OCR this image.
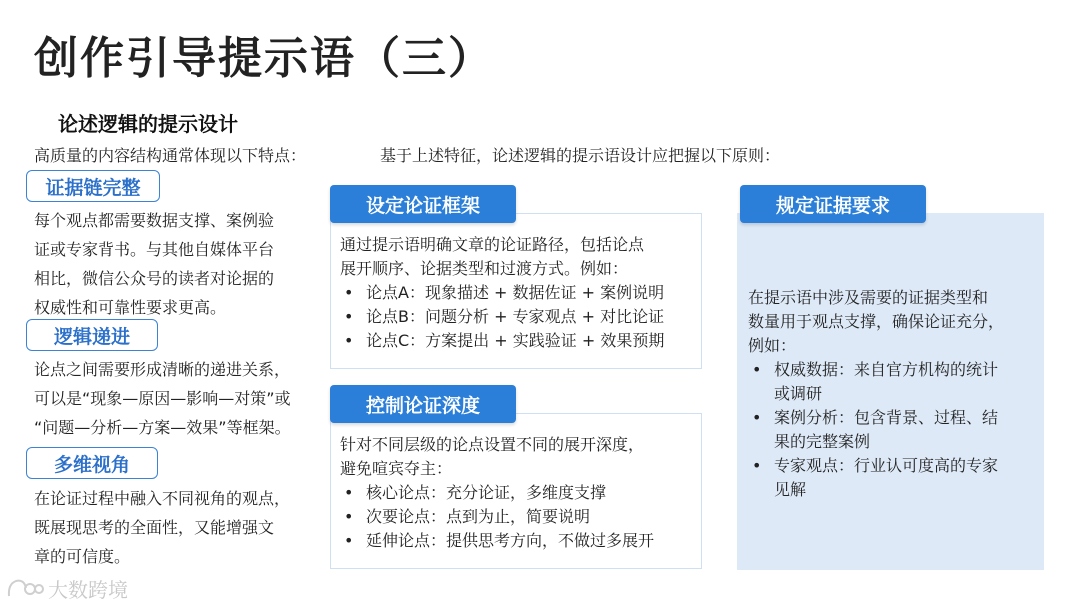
创作引导提示语（三）
论述逻辑的提示设计
高质量的内容结构通常体现以下特点：	基于上述特征，论述逻辑的提示语设计应把握以下原则：
证据链完整
每个观点都需要数据支撑、案例验
证或专家背书。与其他自媒体平台
相比，微信公众号的读者对论据的
权威性和可靠性要求更高。
逻辑递进
论点之间需要形成清晰的递进关系，
可以是“现象—原因—影响—对策”或
“问题—分析—方案—效果”等框架。
多维视角
在论证过程中融入不同视角的观点，
既展现思考的全面性，又能增强文
章的可信度。
设定论证框架
通过提示语明确文章的论证路径，包括论点
展开顺序、论据类型和过渡方式。例如：
• 论点A：现象描述 + 数据佐证 + 案例说明
• 论点B：问题分析 + 专家观点 + 对比论证
• 论点C：方案提出 + 实践验证 + 效果预期
控制论证深度
针对不同层级的论点设置不同的展开深度，
避免喧宾夺主：
• 核心论点：充分论证，多维度支撑
• 次要论点：点到为止，简要说明
• 延伸论点：提供思考方向，不做过多展开
规定证据要求
在提示语中涉及需要的证据类型和
数量用于观点支撑，确保论证充分，
例如：
• 权威数据：来自官方机构的统计
或调研
• 案例分析：包含背景、过程、结
果的完整案例
• 专家观点：行业认可度高的专家
见解
大数跨境
